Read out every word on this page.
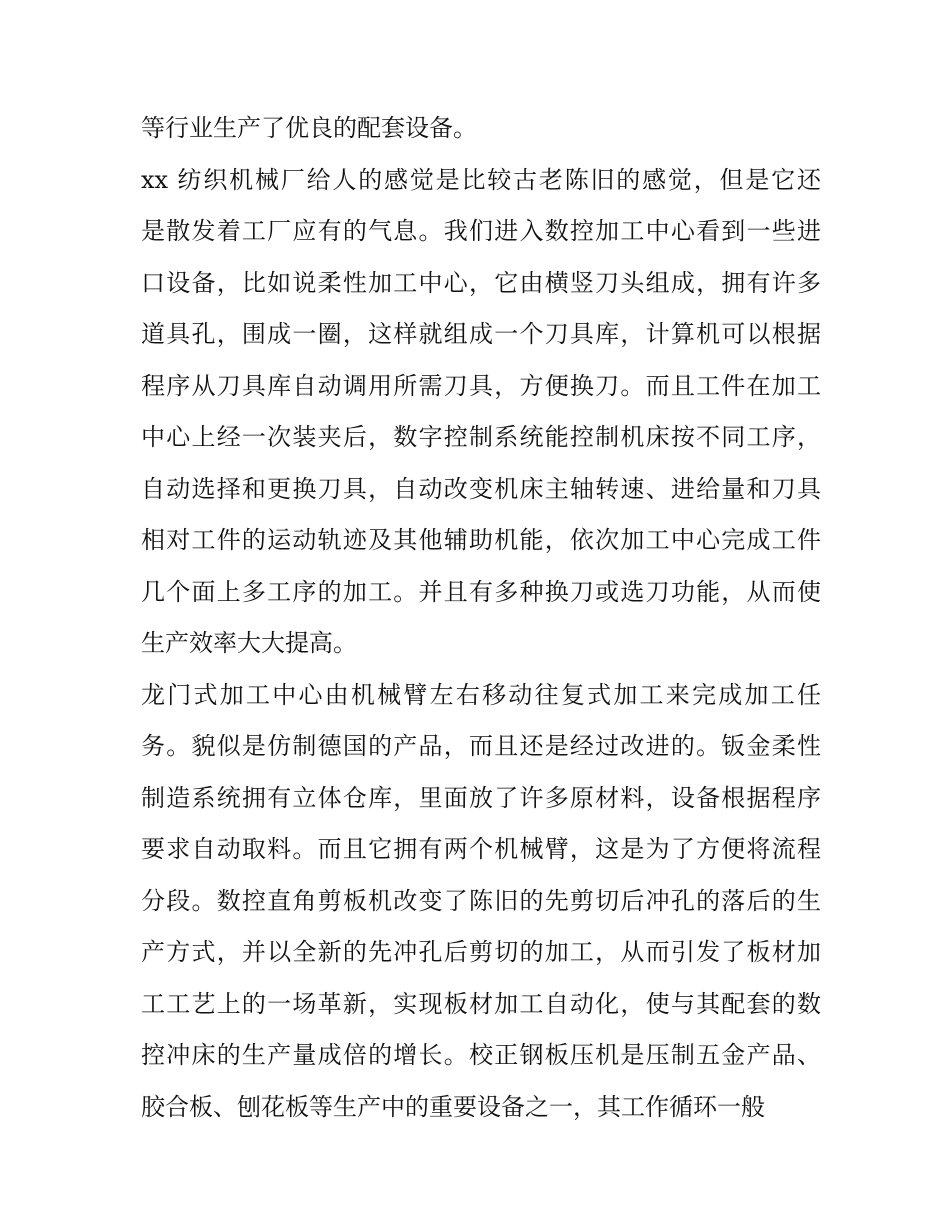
等行业生产了优良的配套设备。
xx 纺织机械厂给人的感觉是比较古老陈旧的感觉，但是它还
是散发着工厂应有的气息。我们进入数控加工中心看到一些进
口设备，比如说柔性加工中心，它由横竖刀头组成，拥有许多
道具孔，围成一圈，这样就组成一个刀具库，计算机可以根据
程序从刀具库自动调用所需刀具，方便换刀。而且工件在加工
中心上经一次装夹后，数字控制系统能控制机床按不同工序，
自动选择和更换刀具，自动改变机床主轴转速、进给量和刀具
相对工件的运动轨迹及其他辅助机能，依次加工中心完成工件
几个面上多工序的加工。并且有多种换刀或选刀功能，从而使
生产效率大大提高。
龙门式加工中心由机械臂左右移动往复式加工来完成加工任
务。貌似是仿制德国的产品，而且还是经过改进的。钣金柔性
制造系统拥有立体仓库，里面放了许多原材料，设备根据程序
要求自动取料。而且它拥有两个机械臂，这是为了方便将流程
分段。数控直角剪板机改变了陈旧的先剪切后冲孔的落后的生
产方式，并以全新的先冲孔后剪切的加工，从而引发了板材加
工工艺上的一场革新，实现板材加工自动化，使与其配套的数
控冲床的生产量成倍的增长。校正钢板压机是压制五金产品、
胶合板、刨花板等生产中的重要设备之一，其工作循环一般
